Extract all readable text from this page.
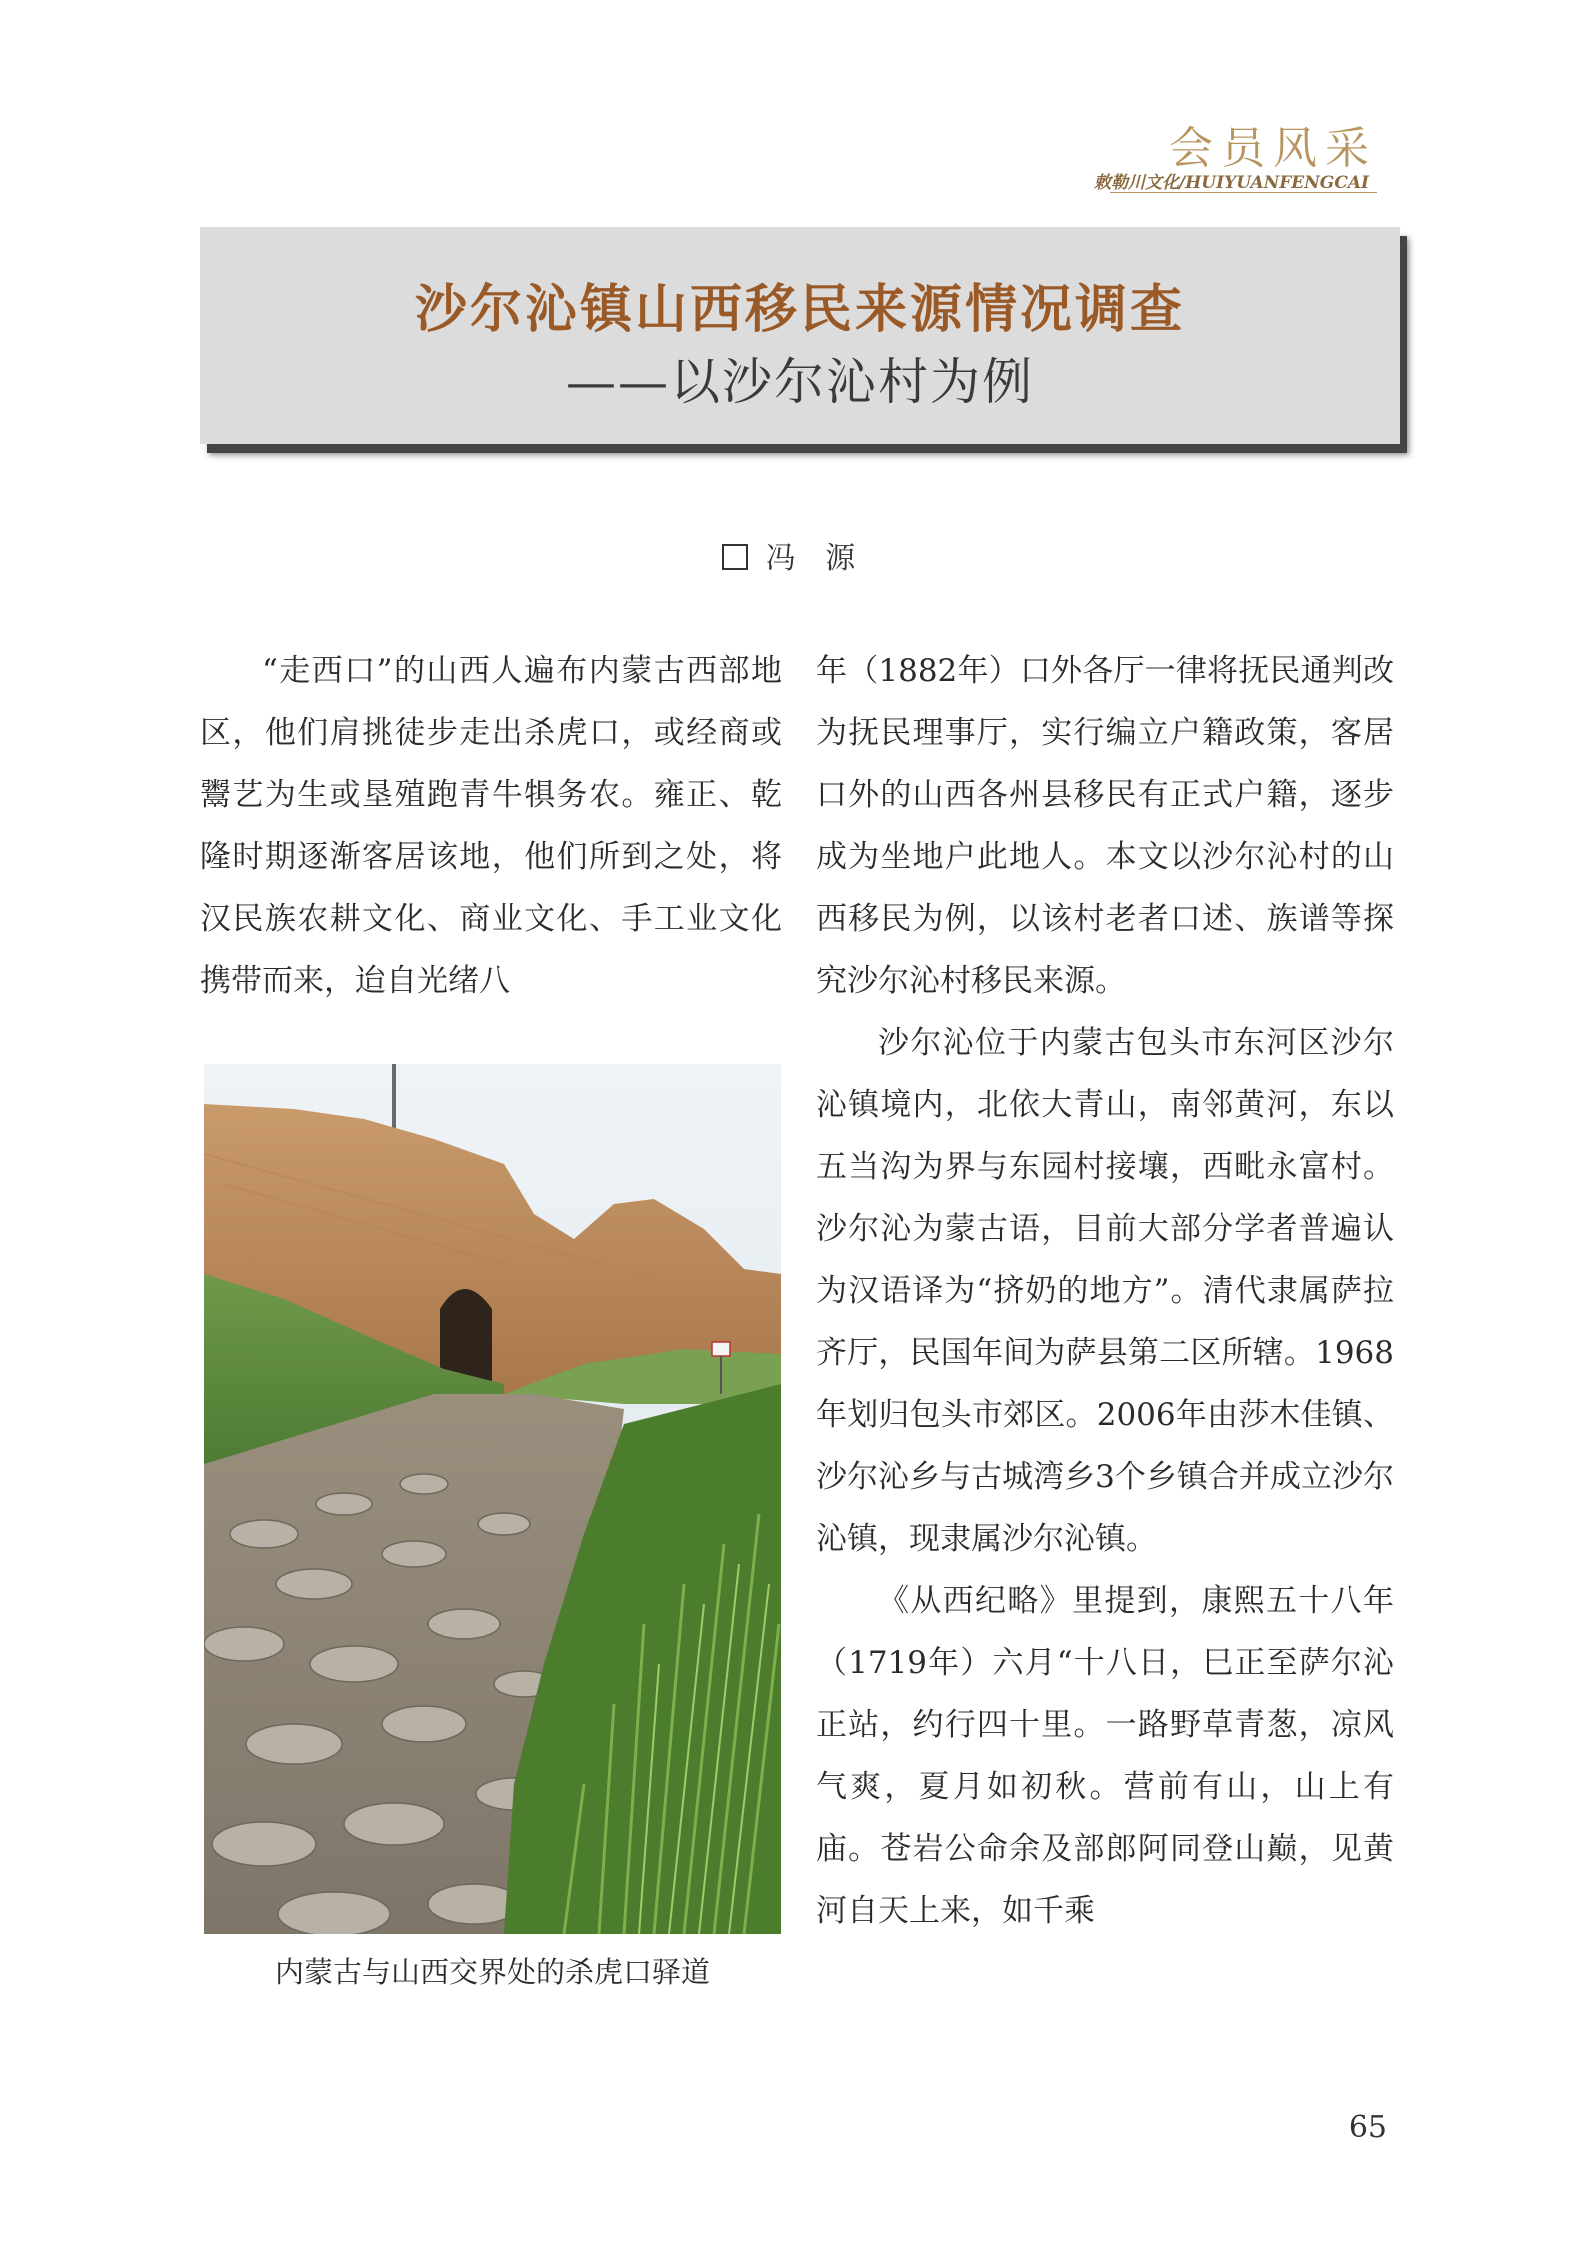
会员风采
敕勒川文化/HUIYUANFENGCAI
沙尔沁镇山西移民来源情况调查
——以沙尔沁村为例
冯 源

“走西口”的山西人遍布内蒙古西部地区，他们肩挑徒步走出杀虎口，或经商或鬻艺为生或垦殖跑青牛犋务农。雍正、乾隆时期逐渐客居该地，他们所到之处，将汉民族农耕文化、商业文化、手工业文化携带而来，迨自光绪八

内蒙古与山西交界处的杀虎口驿道

年（1882年）口外各厅一律将抚民通判改为抚民理事厅，实行编立户籍政策，客居口外的山西各州县移民有正式户籍，逐步成为坐地户此地人。本文以沙尔沁村的山西移民为例，以该村老者口述、族谱等探究沙尔沁村移民来源。

沙尔沁位于内蒙古包头市东河区沙尔沁镇境内，北依大青山，南邻黄河，东以五当沟为界与东园村接壤，西毗永富村。沙尔沁为蒙古语，目前大部分学者普遍认为汉语译为“挤奶的地方”。清代隶属萨拉齐厅，民国年间为萨县第二区所辖。1968年划归包头市郊区。2006年由莎木佳镇、沙尔沁乡与古城湾乡3个乡镇合并成立沙尔沁镇，现隶属沙尔沁镇。

《从西纪略》里提到，康熙五十八年（1719年）六月“十八日，巳正至萨尔沁正站，约行四十里。一路野草青葱，凉风气爽，夏月如初秋。营前有山，山上有庙。苍岩公命余及部郎阿同登山巅，见黄河自天上来，如千乘

65
